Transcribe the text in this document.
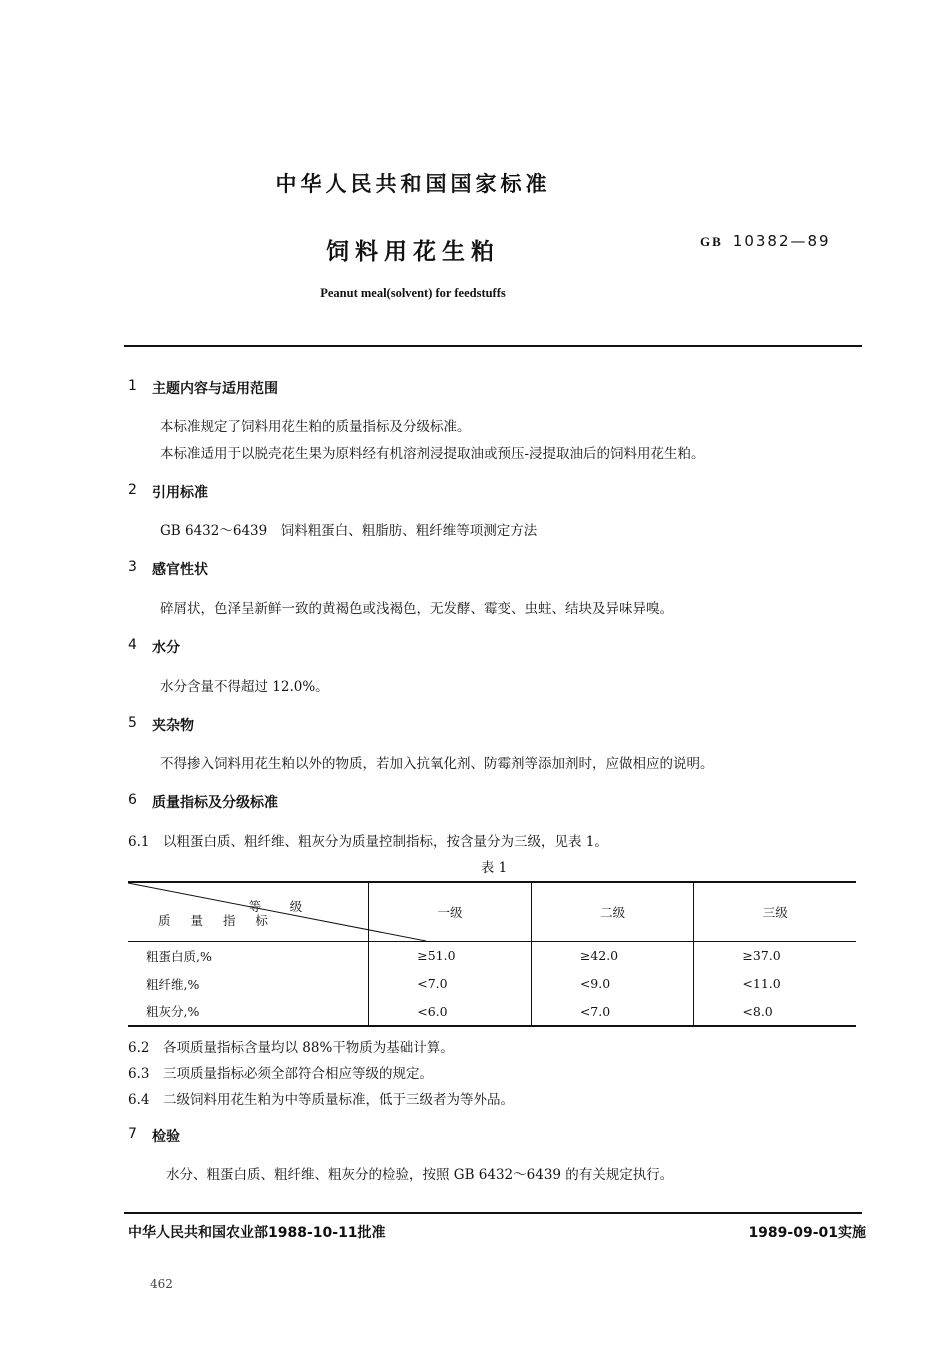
中华人民共和国国家标准
饲料用花生粕	GB 10382—89
Peanut meal(solvent) for feedstuffs
1 主题内容与适用范围
本标准规定了饲料用花生粕的质量指标及分级标准。
本标准适用于以脱壳花生果为原料经有机溶剂浸提取油或预压-浸提取油后的饲料用花生粕。
2 引用标准
GB 6432～6439　饲料粗蛋白、粗脂肪、粗纤维等项测定方法
3 感官性状
碎屑状，色泽呈新鲜一致的黄褐色或浅褐色，无发酵、霉变、虫蛀、结块及异味异嗅。
4 水分
水分含量不得超过 12.0%。
5 夹杂物
不得掺入饲料用花生粕以外的物质，若加入抗氧化剂、防霉剂等添加剂时，应做相应的说明。
6 质量指标及分级标准
6.1　以粗蛋白质、粗纤维、粗灰分为质量控制指标，按含量分为三级，见表 1。
表 1
等　级
质 量 指 标	一级	二级	三级
粗蛋白质,%	≥51.0	≥42.0	≥37.0
粗纤维,%	<7.0	<9.0	<11.0
粗灰分,%	<6.0	<7.0	<8.0
6.2　各项质量指标含量均以 88%干物质为基础计算。
6.3　三项质量指标必须全部符合相应等级的规定。
6.4　二级饲料用花生粕为中等质量标准，低于三级者为等外品。
7 检验
水分、粗蛋白质、粗纤维、粗灰分的检验，按照 GB 6432～6439 的有关规定执行。
中华人民共和国农业部1988-10-11批准	1989-09-01实施
462
